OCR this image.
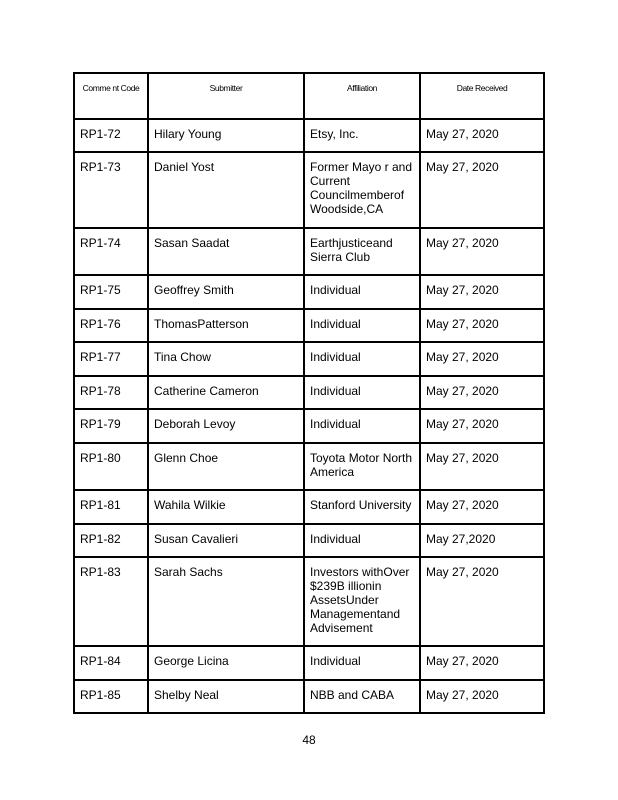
Comme nt Code	Submitter	Affiliation	Date Received
RP1-72	Hilary Young	Etsy, Inc.	May 27, 2020
RP1-73	Daniel Yost	Former Mayo r and Current Councilmemberof Woodside,CA	May 27, 2020
RP1-74	Sasan Saadat	Earthjusticeand Sierra Club	May 27, 2020
RP1-75	Geoffrey Smith	Individual	May 27, 2020
RP1-76	ThomasPatterson	Individual	May 27, 2020
RP1-77	Tina Chow	Individual	May 27, 2020
RP1-78	Catherine Cameron	Individual	May 27, 2020
RP1-79	Deborah Levoy	Individual	May 27, 2020
RP1-80	Glenn Choe	Toyota Motor North America	May 27, 2020
RP1-81	Wahila Wilkie	Stanford University	May 27, 2020
RP1-82	Susan Cavalieri	Individual	May 27,2020
RP1-83	Sarah Sachs	Investors withOver $239B illionin AssetsUnder Managementand Advisement	May 27, 2020
RP1-84	George Licina	Individual	May 27, 2020
RP1-85	Shelby Neal	NBB and CABA	May 27, 2020
48
